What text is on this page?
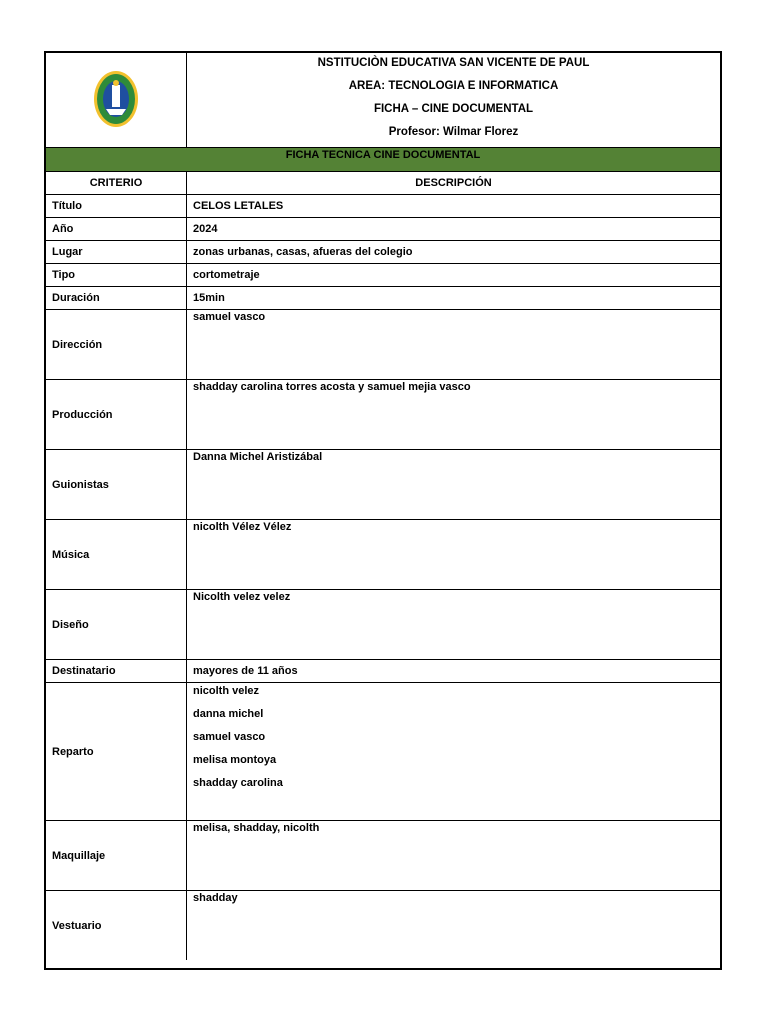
NSTITUCIÒN EDUCATIVA SAN VICENTE DE PAUL
AREA: TECNOLOGIA E INFORMATICA
FICHA – CINE DOCUMENTAL
Profesor: Wilmar Florez

FICHA TECNICA CINE DOCUMENTAL	
CRITERIO	DESCRIPCIÓN
Título	CELOS LETALES
Año	2024
Lugar	zonas urbanas, casas, afueras del colegio
Tipo	cortometraje
Duración	15min
Dirección	samuel vasco
Producción	shadday carolina torres acosta y samuel mejia vasco
Guionistas	Danna Michel Aristizábal
Música	nicolth Vélez Vélez
Diseño	Nicolth velez velez
Destinatario	mayores de 11 años
Reparto	nicolth velez
danna michel
samuel vasco
melisa montoya
shadday carolina

Maquillaje	melisa, shadday, nicolth
Vestuario	shadday
